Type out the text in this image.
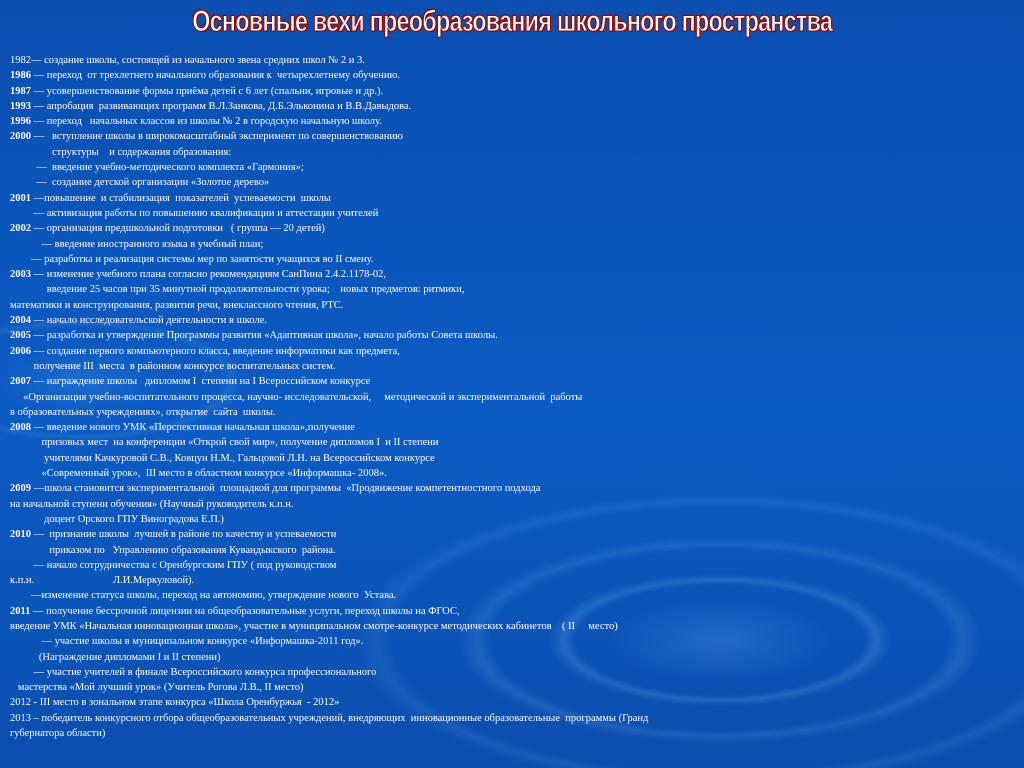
Основные вехи преобразования школьного пространства
1982— создание школы, состоящей из начального звена средних школ № 2 и 3.
1986 — переход  от трехлетнего начального образования к  четырехлетнему обучению.
1987 — усовершенствование формы приёма детей с 6 лет (спальни, игровые и др.).
1993 — апробация  развивающих программ В.Л.Занкова, Д.Б.Эльконина и В.В.Давыдова.
1996 — переход   начальных классов из школы № 2 в городскую начальную школу.
2000 —   вступление школы в широкомасштабный эксперимент по совершенствованию
структуры    и содержания образования:
—  введение учебно-методического комплекта «Гармония»;
—  создание детской организации «Золотое дерево»
2001 —повышение  и стабилизация  показателей  успеваемости  школы
— активизация работы по повышению квалификации и аттестации учителей
2002 — организация предшкольной подготовки   ( группа — 20 детей)
— введение иностранного языка в учебный план;
— разработка и реализация системы мер по занятости учащихся во II смену.
2003 — изменение учебного плана согласно рекомендациям СанПина 2.4.2.1178-02,
введение 25 часов при 35 минутной продолжительности урока;    новых предметов: ритмики,
математики и конструирования, развития речи, внеклассного чтения, РТС.
2004 — начало исследовательской деятельности в школе.
2005 — разработка и утверждение Программы развития «Адаптивная школа», начало работы Совета школы.
2006 — создание первого компьютерного класса, введение информатики как предмета,
получение III  места  в районном конкурсе воспитательных систем.
2007 — награждение школы   дипломом I  степени на I Всероссийском конкурсе
«Организация учебно-воспитательного процесса, научно- исследовательской,     методической и экспериментальной  работы
в образовательных учреждениях», открытие  сайта  школы.
2008 — введение нового УМК «Перспективная начальная школа»,получение
призовых мест  на конференции «Открой свой мир», получение дипломов I  и II степени
учителями Качкуровой С.В., Ковцун Н.М., Гальцовой Л.Н. на Всероссийском конкурсе
«Современный урок»,  III место в областном конкурсе «Информашка- 2008».
2009 —школа становится экспериментальной  площадкой для программы  «Продвижение компетентностного подхода
на начальной ступени обучения» (Научный руководитель к.п.н.
доцент Орского ГПУ Виноградова Е.П.)
2010 —  признание школы  лучшей в районе по качеству и успеваемости
приказом по   Управлению образования Кувандыкского  района.
— начало сотрудничества с Оренбургским ГПУ ( под руководством
к.п.н.                              Л.И.Меркуловой).
—изменение статуса школы, переход на автономию, утверждение нового  Устава.
2011 — получение бессрочной лицензии на общеобразовательные услуги, переход школы на ФГОС,
введение УМК «Начальная инновационная школа», участие в муниципальном смотре-конкурсе методических кабинетов    ( II     место)
— участие школы в муниципальном конкурсе «Информашка-2011 год».
(Награждение дипломами I и II степени)
— участие учителей в финале Всероссийского конкурса профессионального
мастерства «Мой лучший урок» (Учитель Рогова Л.В., II место)
2012 - III место в зональном этапе конкурса «Школа Оренбуржья  - 2012»
2013 – победитель конкурсного отбора общеобразовательных учреждений, внедряющих  инновационные образовательные  программы (Гранд
губернатора области)
